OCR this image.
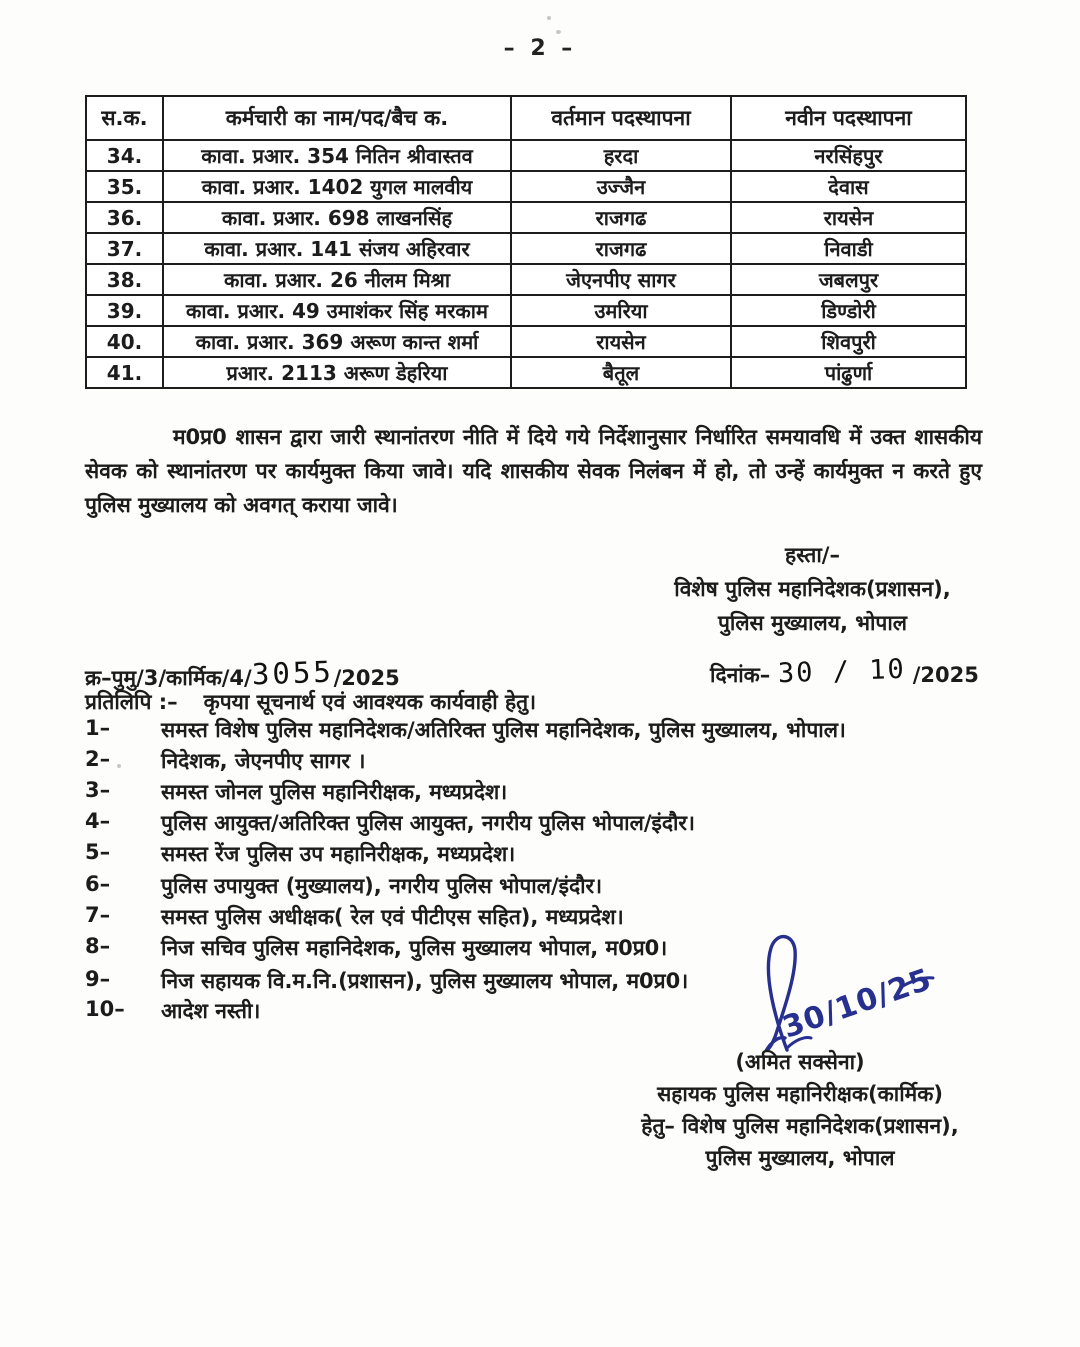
– 2 –
स.क.	कर्मचारी का नाम/पद/बैच क.	वर्तमान पदस्थापना	नवीन पदस्थापना
34.	कावा. प्रआर. 354 नितिन श्रीवास्तव	हरदा	नरसिंहपुर
35.	कावा. प्रआर. 1402 युगल मालवीय	उज्जैन	देवास
36.	कावा. प्रआर. 698 लाखनसिंह	राजगढ	रायसेन
37.	कावा. प्रआर. 141 संजय अहिरवार	राजगढ	निवाडी
38.	कावा. प्रआर. 26 नीलम मिश्रा	जेएनपीए सागर	जबलपुर
39.	कावा. प्रआर. 49 उमाशंकर सिंह मरकाम	उमरिया	डिण्डोरी
40.	कावा. प्रआर. 369 अरूण कान्त शर्मा	रायसेन	शिवपुरी
41.	प्रआर. 2113 अरूण डेहरिया	बैतूल	पांढुर्णा
म0प्र0 शासन द्वारा जारी स्थानांतरण नीति में दिये गये निर्देशानुसार निर्धारित समयावधि में उक्त शासकीय सेवक को स्थानांतरण पर कार्यमुक्त किया जावे। यदि शासकीय सेवक निलंबन में हो, तो उन्हें कार्यमुक्त न करते हुए पुलिस मुख्यालय को अवगत् कराया जावे।
हस्ता/–
विशेष पुलिस महानिदेशक(प्रशासन),
पुलिस मुख्यालय, भोपाल
क्र–पुमु/3/कार्मिक/4/3055/2025	दिनांक– 30 / 10 /2025
प्रतिलिपि :– कृपया सूचनार्थ एवं आवश्यक कार्यवाही हेतु।
1–	समस्त विशेष पुलिस महानिदेशक/अतिरिक्त पुलिस महानिदेशक, पुलिस मुख्यालय, भोपाल।
2–	निदेशक, जेएनपीए सागर ।
3–	समस्त जोनल पुलिस महानिरीक्षक, मध्यप्रदेश।
4–	पुलिस आयुक्त/अतिरिक्त पुलिस आयुक्त, नगरीय पुलिस भोपाल/इंदौर।
5–	समस्त रेंज पुलिस उप महानिरीक्षक, मध्यप्रदेश।
6–	पुलिस उपायुक्त (मुख्यालय), नगरीय पुलिस भोपाल/इंदौर।
7–	समस्त पुलिस अधीक्षक( रेल एवं पीटीएस सहित), मध्यप्रदेश।
8–	निज सचिव पुलिस महानिदेशक, पुलिस मुख्यालय भोपाल, म0प्र0।
9–	निज सहायक वि.म.नि.(प्रशासन), पुलिस मुख्यालय भोपाल, म0प्र0।
10–	आदेश नस्ती।	30/10/25
(अमित सक्सेना)
सहायक पुलिस महानिरीक्षक(कार्मिक)
हेतु– विशेष पुलिस महानिदेशक(प्रशासन),
पुलिस मुख्यालय, भोपाल
